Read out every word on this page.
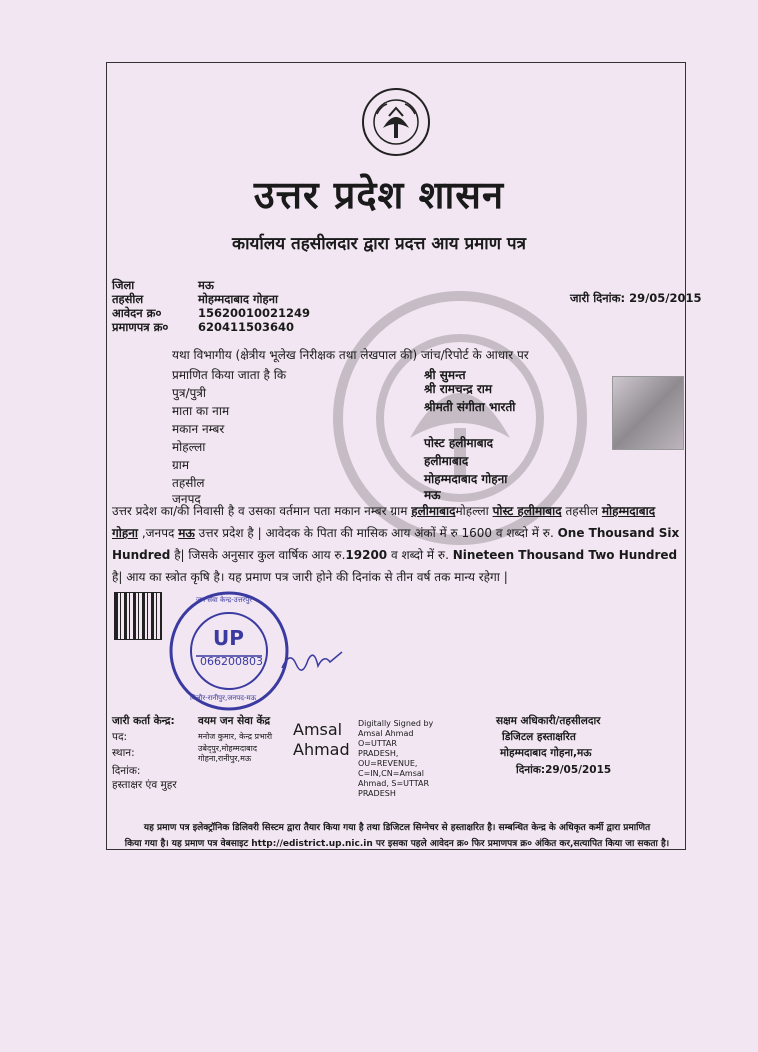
उत्तर प्रदेश शासन
कार्यालय तहसीलदार द्वारा प्रदत्त आय प्रमाण पत्र
जिला	मऊ
तहसील	मोहम्मदाबाद गोहना
आवेदन क्र०	15620010021249
प्रमाणपत्र क्र०	620411503640
जारी दिनांक: 29/05/2015
यथा विभागीय (क्षेत्रीय भूलेख निरीक्षक तथा लेखपाल की) जांच/रिपोर्ट के आधार पर
प्रमाणित किया जाता है कि	श्री सुमन्त
पुत्र/पुत्री	श्री रामचन्द्र राम
माता का नाम	श्रीमती संगीता भारती
मकान नम्बर
मोहल्ला	पोस्ट हलीमाबाद
ग्राम	हलीमाबाद
तहसील	मोहम्मदाबाद गोहना
जनपद	मऊ
उत्तर प्रदेश का/की निवासी है व उसका वर्तमान पता मकान नम्बर ग्राम हलीमाबादमोहल्ला पोस्ट हलीमाबाद तहसील मोहम्मदाबाद गोहना ,जनपद मऊ उत्तर प्रदेश है | आवेदक के पिता की मासिक आय अंकों में रु 1600 व शब्दो में रु. One Thousand Six Hundred है| जिसके अनुसार कुल वार्षिक आय रु.19200 व शब्दो में रु. Nineteen Thousand Two Hundred है| आय का स्त्रोत कृषि है। यह प्रमाण पत्र जारी होने की दिनांक से तीन वर्ष तक मान्य रहेगा |
UP
066200803
जन सेवा केन्द्र-उत्तरपुर
बिलौर-रानीपुर,जनपद-मऊ
जारी कर्ता केन्द्र: वयम जन सेवा केंद्र
पद:	मनोज कुमार, केन्द्र प्रभारी
स्थान:	उबेद्पुर,मोहम्मदाबाद
गोहना,रानीपुर,मऊ
दिनांक:
हस्ताक्षर एंव मुहर
Amsal
Ahmad
Digitally Signed by
Amsal Ahmad
O=UTTAR
PRADESH,
OU=REVENUE,
C=IN,CN=Amsal
Ahmad, S=UTTAR
PRADESH
सक्षम अधिकारी/तहसीलदार
डिजिटल हस्ताक्षरित
मोहम्मदाबाद गोहना,मऊ
दिनांक:29/05/2015
यह प्रमाण पत्र इलेक्ट्रॉनिक डिलिवरी सिस्टम द्वारा तैयार किया गया है तथा डिजिटल सिग्नेचर से हस्ताक्षरित है। सम्बन्धित केन्द्र के अधिकृत कर्मी द्वारा प्रमाणित
किया गया है। यह प्रमाण पत्र वेबसाइट http://edistrict.up.nic.in पर इसका पहले आवेदन क्र० फिर प्रमाणपत्र क्र० अंकित कर,सत्यापित किया जा सकता है।
